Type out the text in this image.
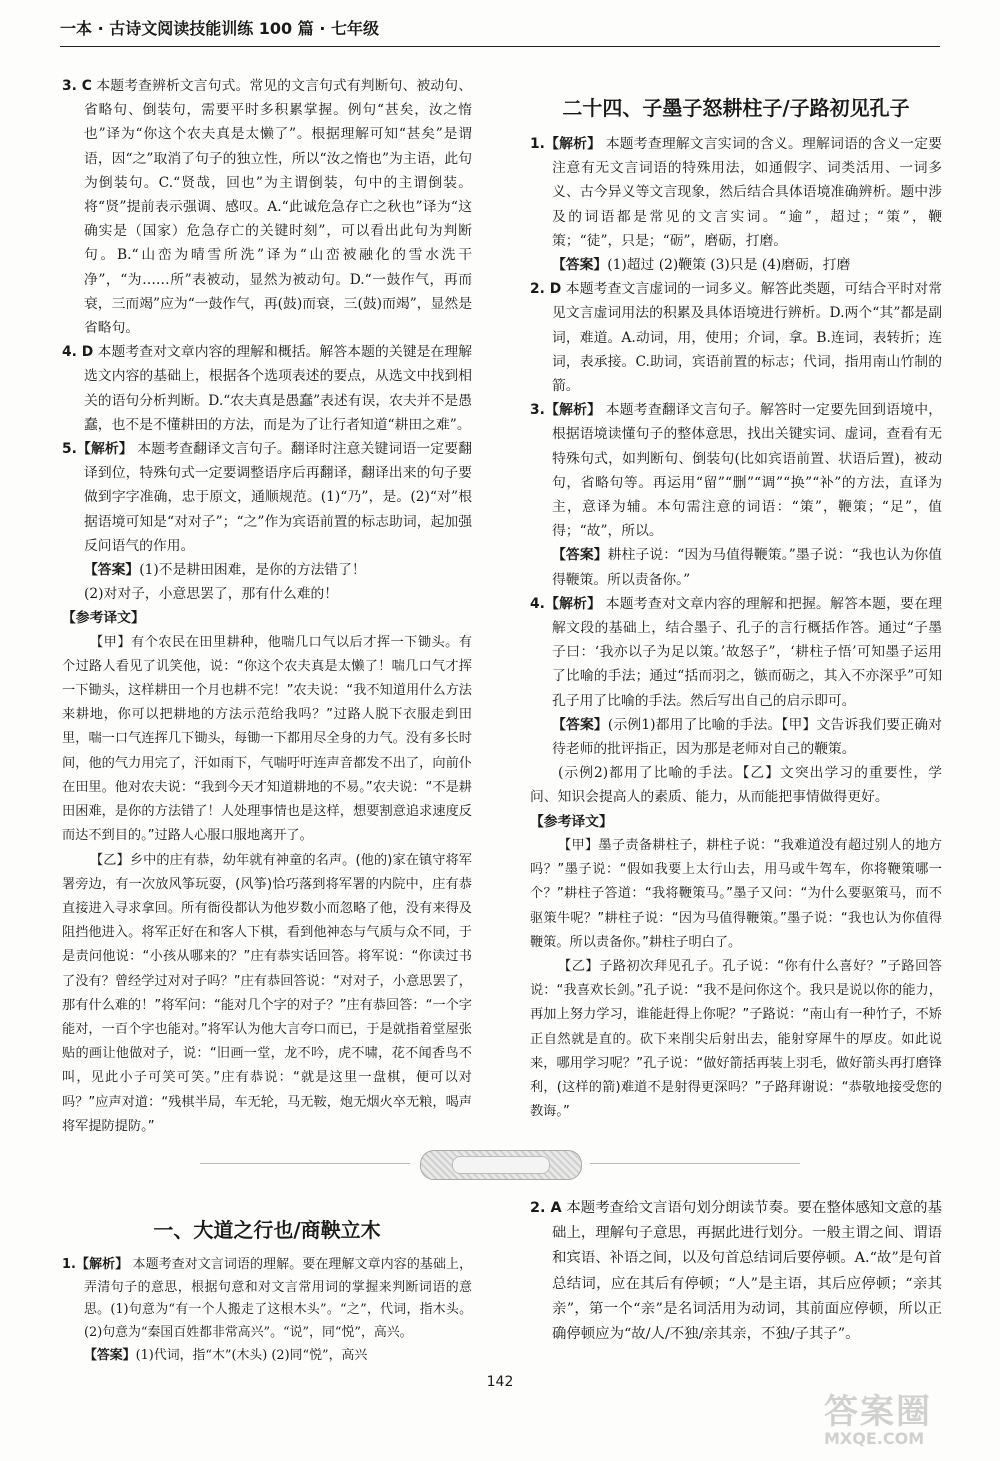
一本 · 古诗文阅读技能训练 100 篇 · 七年级

3. C 本题考查辨析文言句式。常见的文言句式有判断句、被动句、省略句、倒装句，需要平时多积累掌握。例句“甚矣，汝之惰也”译为“你这个农夫真是太懒了”。根据理解可知“甚矣”是谓语，因“之”取消了句子的独立性，所以“汝之惰也”为主语，此句为倒装句。C.“贤哉，回也”为主谓倒装，句中的主谓倒装。将“贤”提前表示强调、感叹。A.“此诚危急存亡之秋也”译为“这确实是（国家）危急存亡的关键时刻”，可以看出此句为判断句。B.“山峦为晴雪所洗”译为“山峦被融化的雪水洗干净”，“为……所”表被动，显然为被动句。D.“一鼓作气，再而衰，三而竭”应为“一鼓作气，再(鼓)而衰，三(鼓)而竭”，显然是省略句。

4. D 本题考查对文章内容的理解和概括。解答本题的关键是在理解选文内容的基础上，根据各个选项表述的要点，从选文中找到相关的语句分析判断。D.“农夫真是愚蠢”表述有误，农夫并不是愚蠢，也不是不懂耕田的方法，而是为了让行者知道“耕田之难”。

5.【解析】 本题考查翻译文言句子。翻译时注意关键词语一定要翻译到位，特殊句式一定要调整语序后再翻译，翻译出来的句子要做到字字准确，忠于原文，通顺规范。(1)“乃”，是。(2)“对”根据语境可知是“对对子”；“之”作为宾语前置的标志助词，起加强反问语气的作用。

【答案】(1)不是耕田困难，是你的方法错了！

(2)对对子，小意思罢了，那有什么难的！

【参考译文】

【甲】有个农民在田里耕种，他喘几口气以后才挥一下锄头。有个过路人看见了讥笑他，说：“你这个农夫真是太懒了！喘几口气才挥一下锄头，这样耕田一个月也耕不完！”农夫说：“我不知道用什么方法来耕地，你可以把耕地的方法示范给我吗？”过路人脱下衣服走到田里，喘一口气连挥几下锄头，每锄一下都用尽全身的力气。没有多长时间，他的气力用完了，汗如雨下，气喘吁吁连声音都发不出了，向前仆在田里。他对农夫说：“我到今天才知道耕地的不易。”农夫说：“不是耕田困难，是你的方法错了！人处理事情也是这样，想要割意追求速度反而达不到目的。”过路人心服口服地离开了。

【乙】乡中的庄有恭，幼年就有神童的名声。(他的)家在镇守将军署旁边，有一次放风筝玩耍，(风筝)恰巧落到将军署的内院中，庄有恭直接进入寻求拿回。所有衙役都认为他岁数小而忽略了他，没有来得及阻挡他进入。将军正好在和客人下棋，看到他神态与气质与众不同，于是责问他说：“小孩从哪来的？”庄有恭实话回答。将军说：“你读过书了没有？曾经学过对对子吗？”庄有恭回答说：“对对子，小意思罢了，那有什么难的！”将军问：“能对几个字的对子？”庄有恭回答：“一个字能对，一百个字也能对。”将军认为他大言夸口而已，于是就指着堂屋张贴的画让他做对子，说：“旧画一堂，龙不吟，虎不啸，花不闻香鸟不叫，见此小子可笑可笑。”庄有恭说：“就是这里一盘棋，便可以对吗？”应声对道：“残棋半局，车无轮，马无鞍，炮无烟火卒无粮，喝声将军提防提防。”

二十四、子墨子怒耕柱子/子路初见孔子

1.【解析】 本题考查理解文言实词的含义。理解词语的含义一定要注意有无文言词语的特殊用法，如通假字、词类活用、一词多义、古今异义等文言现象，然后结合具体语境准确辨析。题中涉及的词语都是常见的文言实词。“逾”，超过；“策”，鞭策；“徒”，只是；“砺”，磨砺，打磨。

【答案】(1)超过 (2)鞭策 (3)只是 (4)磨砺，打磨

2. D 本题考查文言虚词的一词多义。解答此类题，可结合平时对常见文言虚词用法的积累及具体语境进行辨析。D.两个“其”都是副词，难道。A.动词，用，使用；介词，拿。B.连词，表转折；连词，表承接。C.助词，宾语前置的标志；代词，指用南山竹制的箭。

3.【解析】 本题考查翻译文言句子。解答时一定要先回到语境中，根据语境读懂句子的整体意思，找出关键实词、虚词，查看有无特殊句式，如判断句、倒装句(比如宾语前置、状语后置)，被动句，省略句等。再运用“留”“删”“调”“换”“补”的方法，直译为主，意译为辅。本句需注意的词语：“策”，鞭策；“足”，值得；“故”，所以。

【答案】耕柱子说：“因为马值得鞭策。”墨子说：“我也认为你值得鞭策。所以责备你。”

4.【解析】 本题考查对文章内容的理解和把握。解答本题，要在理解文段的基础上，结合墨子、孔子的言行概括作答。通过“子墨子曰：‘我亦以子为足以策。’故怒子”，‘耕柱子悟’可知墨子运用了比喻的手法；通过“括而羽之，镞而砺之，其入不亦深乎”可知孔子用了比喻的手法。然后写出自己的启示即可。

【答案】(示例1)都用了比喻的手法。【甲】文告诉我们要正确对待老师的批评指正，因为那是老师对自己的鞭策。

(示例2)都用了比喻的手法。【乙】文突出学习的重要性，学问、知识会提高人的素质、能力，从而能把事情做得更好。

【参考译文】

【甲】墨子责备耕柱子，耕柱子说：“我难道没有超过别人的地方吗？”墨子说：“假如我要上太行山去，用马或牛驾车，你将鞭策哪一个？”耕柱子答道：“我将鞭策马。”墨子又问：“为什么要驱策马，而不驱策牛呢？”耕柱子说：“因为马值得鞭策。”墨子说：“我也认为你值得鞭策。所以责备你。”耕柱子明白了。

【乙】子路初次拜见孔子。孔子说：“你有什么喜好？”子路回答说：“我喜欢长剑。”孔子说：“我不是问你这个。我只是说以你的能力，再加上努力学习，谁能赶得上你呢？”子路说：“南山有一种竹子，不矫正自然就是直的。砍下来削尖后射出去，能射穿犀牛的厚皮。如此说来，哪用学习呢？”孔子说：“做好箭括再装上羽毛，做好箭头再打磨锋利，(这样的箭)难道不是射得更深吗？”子路拜谢说：“恭敬地接受您的教诲。”

一、大道之行也/商鞅立木

1.【解析】 本题考查对文言词语的理解。要在理解文章内容的基础上，弄清句子的意思，根据句意和对文言常用词的掌握来判断词语的意思。(1)句意为“有一个人搬走了这根木头”。“之”，代词，指木头。(2)句意为“秦国百姓都非常高兴”。“说”，同“悦”，高兴。

【答案】(1)代词，指“木”(木头) (2)同“悦”，高兴

2. A 本题考查给文言语句划分朗读节奏。要在整体感知文意的基础上，理解句子意思，再据此进行划分。一般主谓之间、谓语和宾语、补语之间，以及句首总结词后要停顿。A.“故”是句首总结词，应在其后有停顿；“人”是主语，其后应停顿；“亲其亲”，第一个“亲”是名词活用为动词，其前面应停顿，所以正确停顿应为“故/人/不独/亲其亲，不独/子其子”。

142
答案圈
MXQE.COM
